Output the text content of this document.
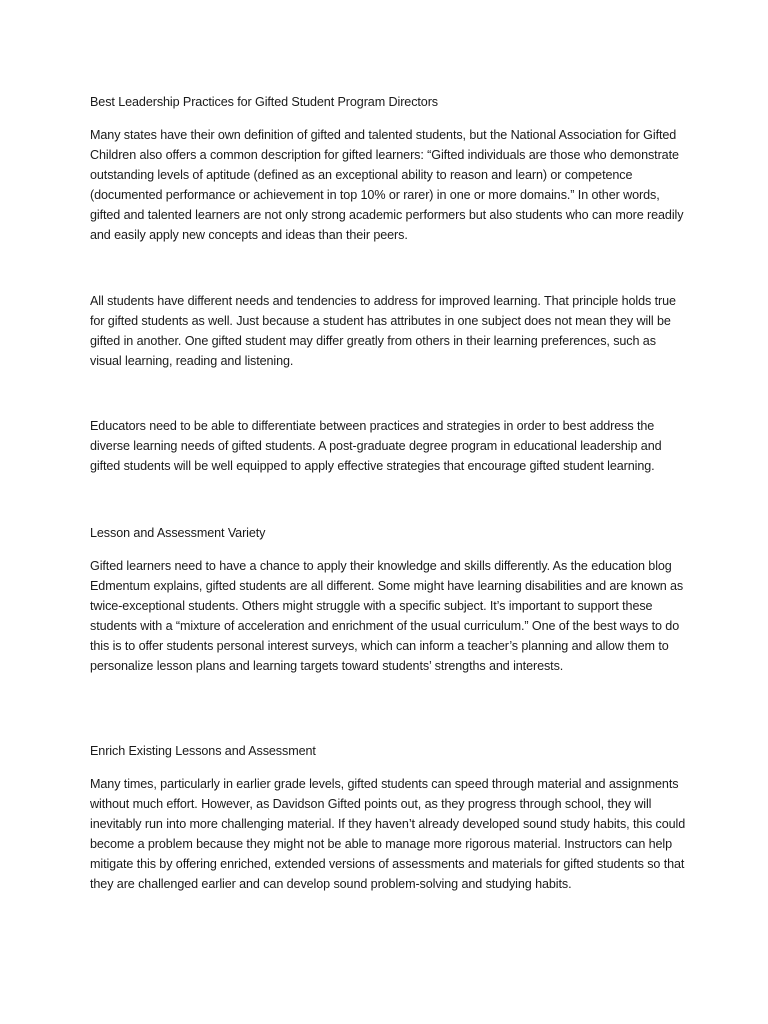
Best Leadership Practices for Gifted Student Program Directors

Many states have their own definition of gifted and talented students, but the National Association for Gifted Children also offers a common description for gifted learners: “Gifted individuals are those who demonstrate outstanding levels of aptitude (defined as an exceptional ability to reason and learn) or competence (documented performance or achievement in top 10% or rarer) in one or more domains.” In other words, gifted and talented learners are not only strong academic performers but also students who can more readily and easily apply new concepts and ideas than their peers.

All students have different needs and tendencies to address for improved learning. That principle holds true for gifted students as well. Just because a student has attributes in one subject does not mean they will be gifted in another. One gifted student may differ greatly from others in their learning preferences, such as visual learning, reading and listening.

Educators need to be able to differentiate between practices and strategies in order to best address the diverse learning needs of gifted students. A post-graduate degree program in educational leadership and gifted students will be well equipped to apply effective strategies that encourage gifted student learning.

Lesson and Assessment Variety

Gifted learners need to have a chance to apply their knowledge and skills differently. As the education blog Edmentum explains, gifted students are all different. Some might have learning disabilities and are known as twice-exceptional students. Others might struggle with a specific subject. It’s important to support these students with a “mixture of acceleration and enrichment of the usual curriculum.” One of the best ways to do this is to offer students personal interest surveys, which can inform a teacher’s planning and allow them to personalize lesson plans and learning targets toward students’ strengths and interests.

Enrich Existing Lessons and Assessment

Many times, particularly in earlier grade levels, gifted students can speed through material and assignments without much effort. However, as Davidson Gifted points out, as they progress through school, they will inevitably run into more challenging material. If they haven’t already developed sound study habits, this could become a problem because they might not be able to manage more rigorous material. Instructors can help mitigate this by offering enriched, extended versions of assessments and materials for gifted students so that they are challenged earlier and can develop sound problem-solving and studying habits.
